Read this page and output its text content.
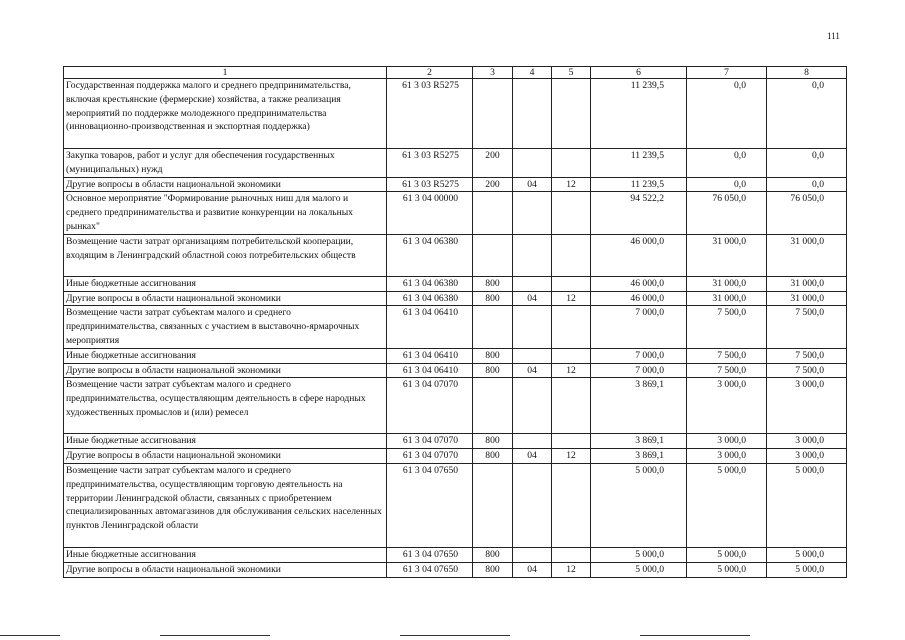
111
1	2	3	4	5	6	7	8
Государственная поддержка малого и среднего предпринимательства, включая крестьянские (фермерские) хозяйства, а также реализация мероприятий по поддержке молодежного предпринимательства (инновационно-производственная и экспортная поддержка)	61 3 03 R5275				11 239,5	0,0	0,0
Закупка товаров, работ и услуг для обеспечения государственных (муниципальных) нужд	61 3 03 R5275	200			11 239,5	0,0	0,0
Другие вопросы в области национальной экономики	61 3 03 R5275	200	04	12	11 239,5	0,0	0,0
Основное мероприятие "Формирование рыночных ниш для малого и среднего предпринимательства и развитие конкуренции на локальных рынках"	61 3 04 00000				94 522,2	76 050,0	76 050,0
Возмещение части затрат организациям потребительской кооперации, входящим в Ленинградский областной союз потребительских обществ	61 3 04 06380				46 000,0	31 000,0	31 000,0
Иные бюджетные ассигнования	61 3 04 06380	800			46 000,0	31 000,0	31 000,0
Другие вопросы в области национальной экономики	61 3 04 06380	800	04	12	46 000,0	31 000,0	31 000,0
Возмещение части затрат субъектам малого и среднего предпринимательства, связанных с участием в выставочно-ярмарочных мероприятия	61 3 04 06410				7 000,0	7 500,0	7 500,0
Иные бюджетные ассигнования	61 3 04 06410	800			7 000,0	7 500,0	7 500,0
Другие вопросы в области национальной экономики	61 3 04 06410	800	04	12	7 000,0	7 500,0	7 500,0
Возмещение части затрат субъектам малого и среднего предпринимательства, осуществляющим деятельность в сфере народных художественных промыслов и (или) ремесел	61 3 04 07070				3 869,1	3 000,0	3 000,0
Иные бюджетные ассигнования	61 3 04 07070	800			3 869,1	3 000,0	3 000,0
Другие вопросы в области национальной экономики	61 3 04 07070	800	04	12	3 869,1	3 000,0	3 000,0
Возмещение части затрат субъектам малого и среднего предпринимательства, осуществляющим торговую деятельность на территории Ленинградской области, связанных с приобретением специализированных автомагазинов для обслуживания сельских населенных пунктов Ленинградской области	61 3 04 07650				5 000,0	5 000,0	5 000,0
Иные бюджетные ассигнования	61 3 04 07650	800			5 000,0	5 000,0	5 000,0
Другие вопросы в области национальной экономики	61 3 04 07650	800	04	12	5 000,0	5 000,0	5 000,0
